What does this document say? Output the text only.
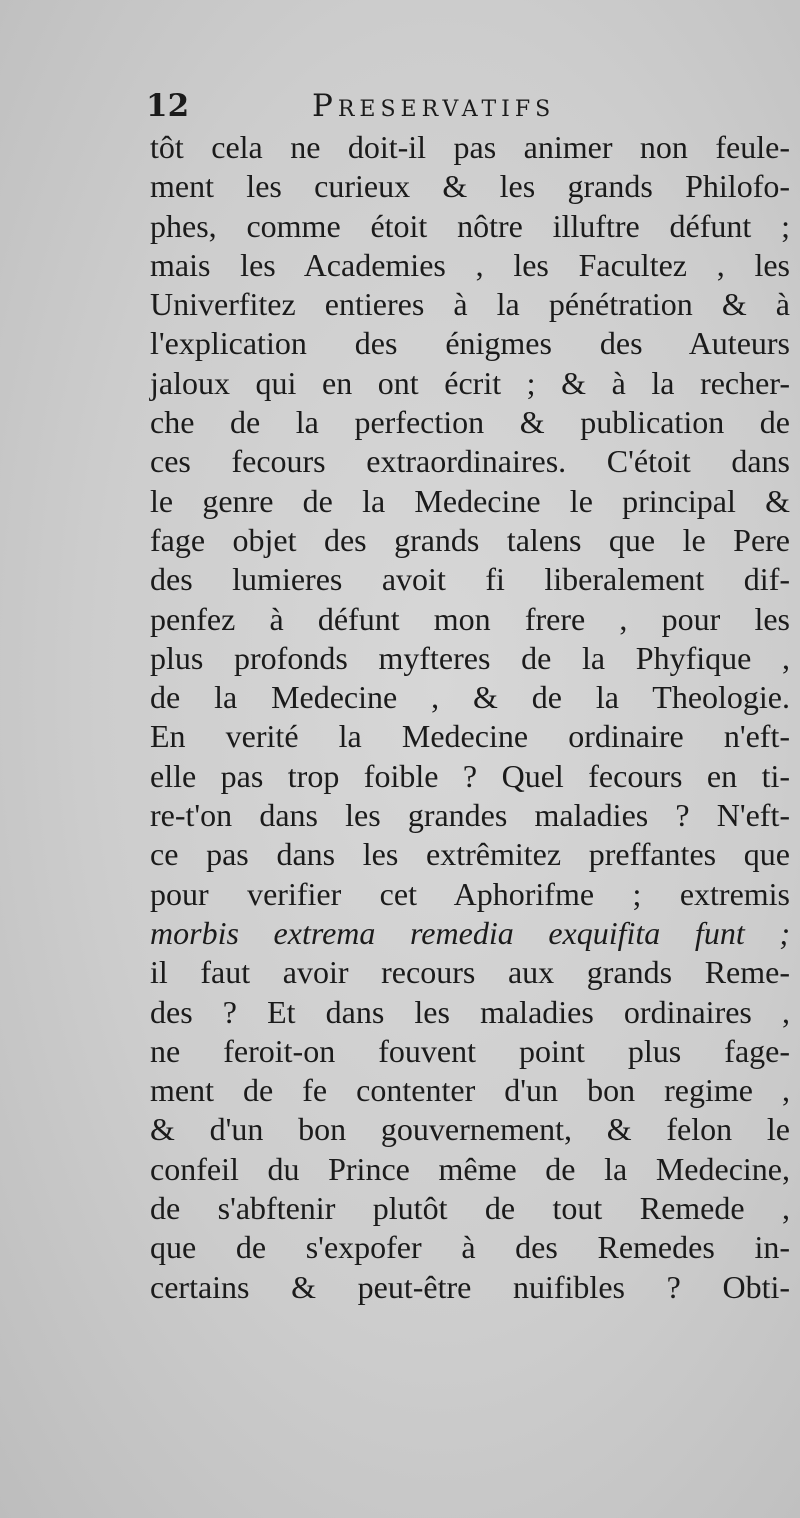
12	Preservatifs
tôt cela ne doit-il pas animer non feule-
ment les curieux & les grands Philofo-
phes, comme étoit nôtre illuftre défunt ;
mais les Academies , les Facultez , les
Univerfitez entieres à la pénétration & à
l'explication des énigmes des Auteurs
jaloux qui en ont écrit ; & à la recher-
che de la perfection & publication de
ces fecours extraordinaires. C'étoit dans
le genre de la Medecine le principal &
fage objet des grands talens que le Pere
des lumieres avoit fi liberalement dif-
penfez à défunt mon frere , pour les
plus profonds myfteres de la Phyfique ,
de la Medecine , & de la Theologie.
En verité la Medecine ordinaire n'eft-
elle pas trop foible ? Quel fecours en ti-
re-t'on dans les grandes maladies ? N'eft-
ce pas dans les extrêmitez preffantes que
pour verifier cet Aphorifme ; extremis
morbis extrema remedia exquifita funt ;
il faut avoir recours aux grands Reme-
des ? Et dans les maladies ordinaires ,
ne feroit-on fouvent point plus fage-
ment de fe contenter d'un bon regime ,
& d'un bon gouvernement, & felon le
confeil du Prince même de la Medecine,
de s'abftenir plutôt de tout Remede ,
que de s'expofer à des Remedes in-
certains & peut-être nuifibles ? Obti-
